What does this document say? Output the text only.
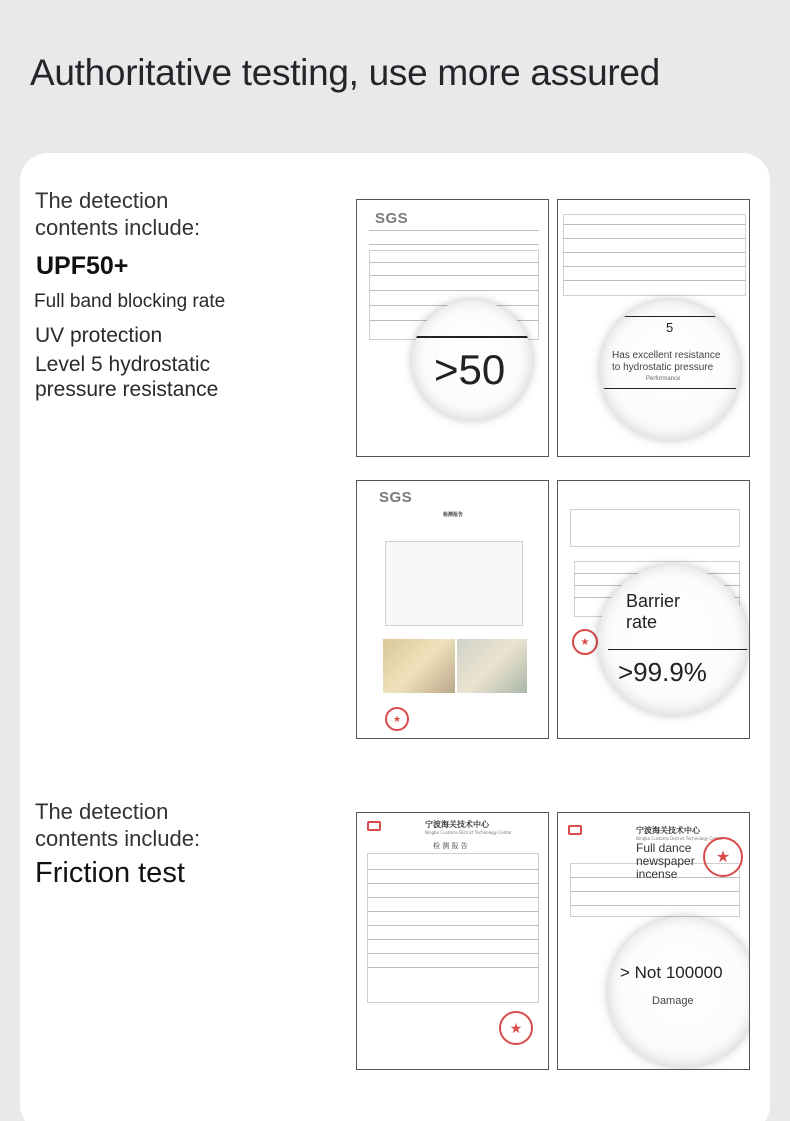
Authoritative testing, use more assured
The detection contents include:
UPF50+
Full band blocking rate
UV protection
Level 5 hydrostatic pressure resistance
SGS
>50
5
Has excellent resistance to hydrostatic pressure
Performance
SGS
检测报告
★
★
Barrier rate
>99.9%
The detection contents include:
Friction test
宁波海关技术中心
Ningbo Customs District Technology Center
检 测 报 告
★
宁波海关技术中心
Ningbo Customs District Technology Center
Full dance newspaper incense
★
> Not 100000
Damage
